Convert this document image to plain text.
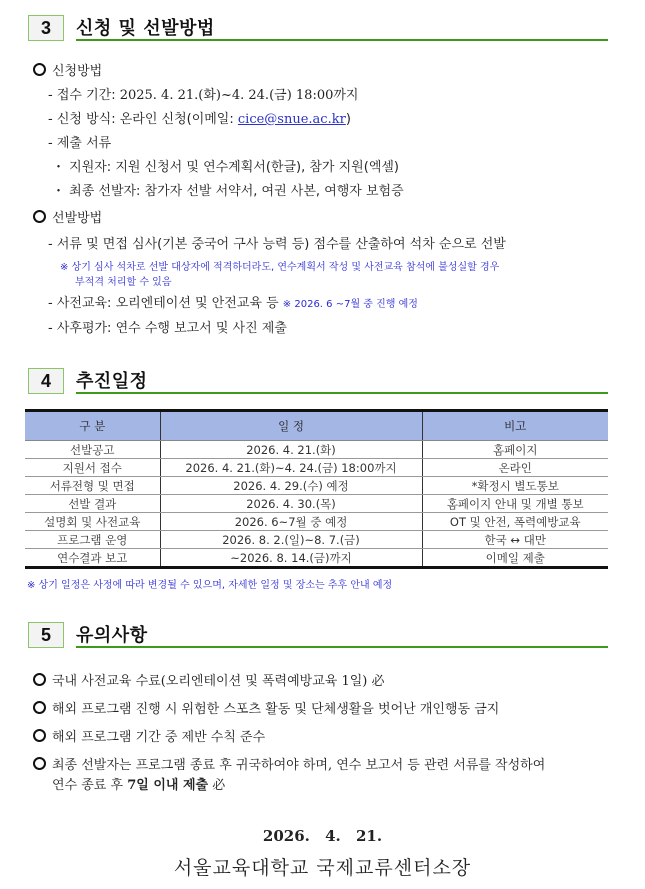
3	신청 및 선발방법
신청방법
- 접수 기간: 2025. 4. 21.(화)~4. 24.(금) 18:00까지
- 신청 방식: 온라인 신청(이메일: cice@snue.ac.kr)
- 제출 서류
・ 지원자: 지원 신청서 및 연수계획서(한글), 참가 지원(엑셀)
・ 최종 선발자: 참가자 선발 서약서, 여권 사본, 여행자 보험증
선발방법
- 서류 및 면접 심사(기본 중국어 구사 능력 등) 점수를 산출하여 석차 순으로 선발
※ 상기 심사 석차로 선발 대상자에 적격하더라도, 연수계획서 작성 및 사전교육 참석에 불성실할 경우
부적격 처리할 수 있음
- 사전교육: 오리엔테이션 및 안전교육 등 ※ 2026. 6 ~7월 중 진행 예정
- 사후평가: 연수 수행 보고서 및 사진 제출
4	추진일정
구 분	일 정	비고
선발공고	2026. 4. 21.(화)	홈페이지
지원서 접수	2026. 4. 21.(화)~4. 24.(금) 18:00까지	온라인
서류전형 및 면접	2026. 4. 29.(수) 예정	*확정시 별도통보
선발 결과	2026. 4. 30.(목)	홈페이지 안내 및 개별 통보
설명회 및 사전교육	2026. 6~7월 중 예정	OT 및 안전, 폭력예방교육
프로그램 운영	2026. 8. 2.(일)~8. 7.(금)	한국 ↔ 대만
연수결과 보고	~2026. 8. 14.(금)까지	이메일 제출
※ 상기 일정은 사정에 따라 변경될 수 있으며, 자세한 일정 및 장소는 추후 안내 예정
5	유의사항
국내 사전교육 수료(오리엔테이션 및 폭력예방교육 1일) 必
해외 프로그램 진행 시 위험한 스포츠 활동 및 단체생활을 벗어난 개인행동 금지
해외 프로그램 기간 중 제반 수칙 준수
최종 선발자는 프로그램 종료 후 귀국하여야 하며, 연수 보고서 등 관련 서류를 작성하여
연수 종료 후 7일 이내 제출 必
2026. 4. 21.
서울교육대학교 국제교류센터소장
